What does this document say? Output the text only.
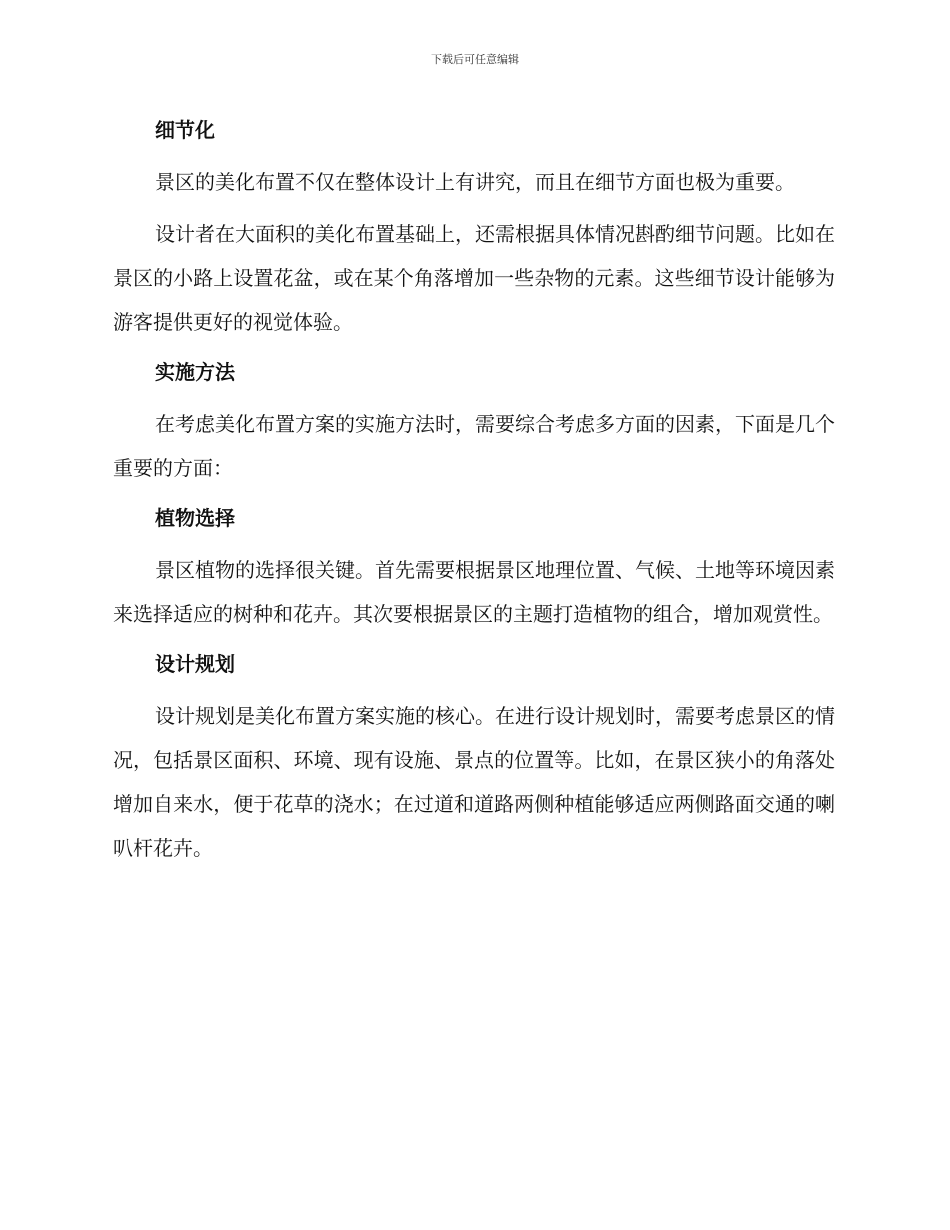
下载后可任意编辑
细节化

景区的美化布置不仅在整体设计上有讲究，而且在细节方面也极为重要。

设计者在大面积的美化布置基础上，还需根据具体情况斟酌细节问题。比如在景区的小路上设置花盆，或在某个角落增加一些杂物的元素。这些细节设计能够为游客提供更好的视觉体验。

实施方法

在考虑美化布置方案的实施方法时，需要综合考虑多方面的因素，下面是几个重要的方面：

植物选择

景区植物的选择很关键。首先需要根据景区地理位置、气候、土地等环境因素来选择适应的树种和花卉。其次要根据景区的主题打造植物的组合，增加观赏性。

设计规划

设计规划是美化布置方案实施的核心。在进行设计规划时，需要考虑景区的情况，包括景区面积、环境、现有设施、景点的位置等。比如，在景区狭小的角落处增加自来水，便于花草的浇水；在过道和道路两侧种植能够适应两侧路面交通的喇叭杆花卉。
